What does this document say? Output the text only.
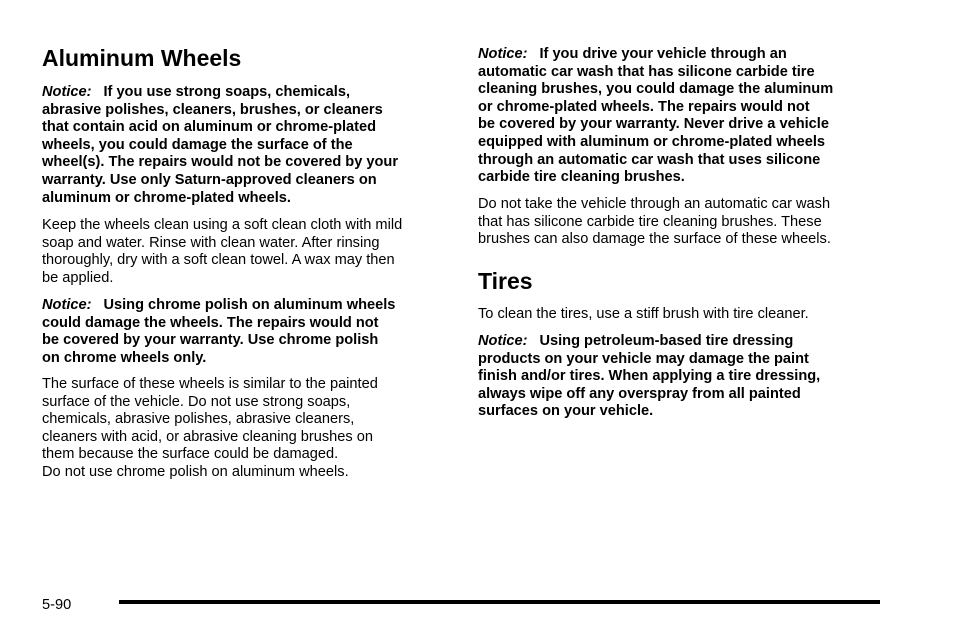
Aluminum Wheels

Notice: If you use strong soaps, chemicals,
abrasive polishes, cleaners, brushes, or cleaners
that contain acid on aluminum or chrome-plated
wheels, you could damage the surface of the
wheel(s). The repairs would not be covered by your
warranty. Use only Saturn-approved cleaners on
aluminum or chrome-plated wheels.

Keep the wheels clean using a soft clean cloth with mild
soap and water. Rinse with clean water. After rinsing
thoroughly, dry with a soft clean towel. A wax may then
be applied.

Notice: Using chrome polish on aluminum wheels
could damage the wheels. The repairs would not
be covered by your warranty. Use chrome polish
on chrome wheels only.

The surface of these wheels is similar to the painted
surface of the vehicle. Do not use strong soaps,
chemicals, abrasive polishes, abrasive cleaners,
cleaners with acid, or abrasive cleaning brushes on
them because the surface could be damaged.
Do not use chrome polish on aluminum wheels.

Notice: If you drive your vehicle through an
automatic car wash that has silicone carbide tire
cleaning brushes, you could damage the aluminum
or chrome-plated wheels. The repairs would not
be covered by your warranty. Never drive a vehicle
equipped with aluminum or chrome-plated wheels
through an automatic car wash that uses silicone
carbide tire cleaning brushes.

Do not take the vehicle through an automatic car wash
that has silicone carbide tire cleaning brushes. These
brushes can also damage the surface of these wheels.

Tires

To clean the tires, use a stiff brush with tire cleaner.

Notice: Using petroleum-based tire dressing
products on your vehicle may damage the paint
finish and/or tires. When applying a tire dressing,
always wipe off any overspray from all painted
surfaces on your vehicle.

5-90
